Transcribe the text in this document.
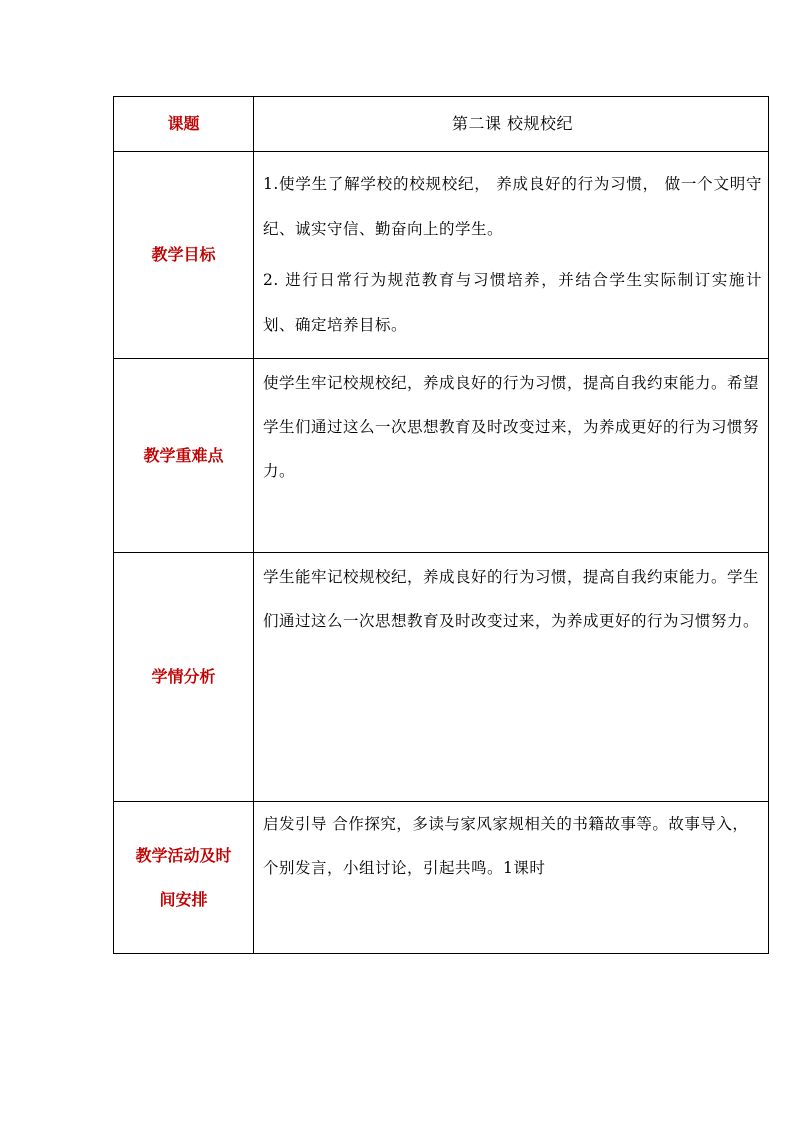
课题	第二课 校规校纪
教学目标	1.使学生了解学校的校规校纪， 养成良好的行为习惯， 做一个文明守纪、诚实守信、勤奋向上的学生。

2. 进行日常行为规范教育与习惯培养，并结合学生实际制订实施计划、确定培养目标。

教学重难点	使学生牢记校规校纪，养成良好的行为习惯，提高自我约束能力。希望学生们通过这么一次思想教育及时改变过来，为养成更好的行为习惯努力。

学情分析	学生能牢记校规校纪，养成良好的行为习惯，提高自我约束能力。学生们通过这么一次思想教育及时改变过来，为养成更好的行为习惯努力。

教学活动及时
间安排	启发引导 合作探究，多读与家风家规相关的书籍故事等。故事导入，个别发言，小组讨论，引起共鸣。1课时
